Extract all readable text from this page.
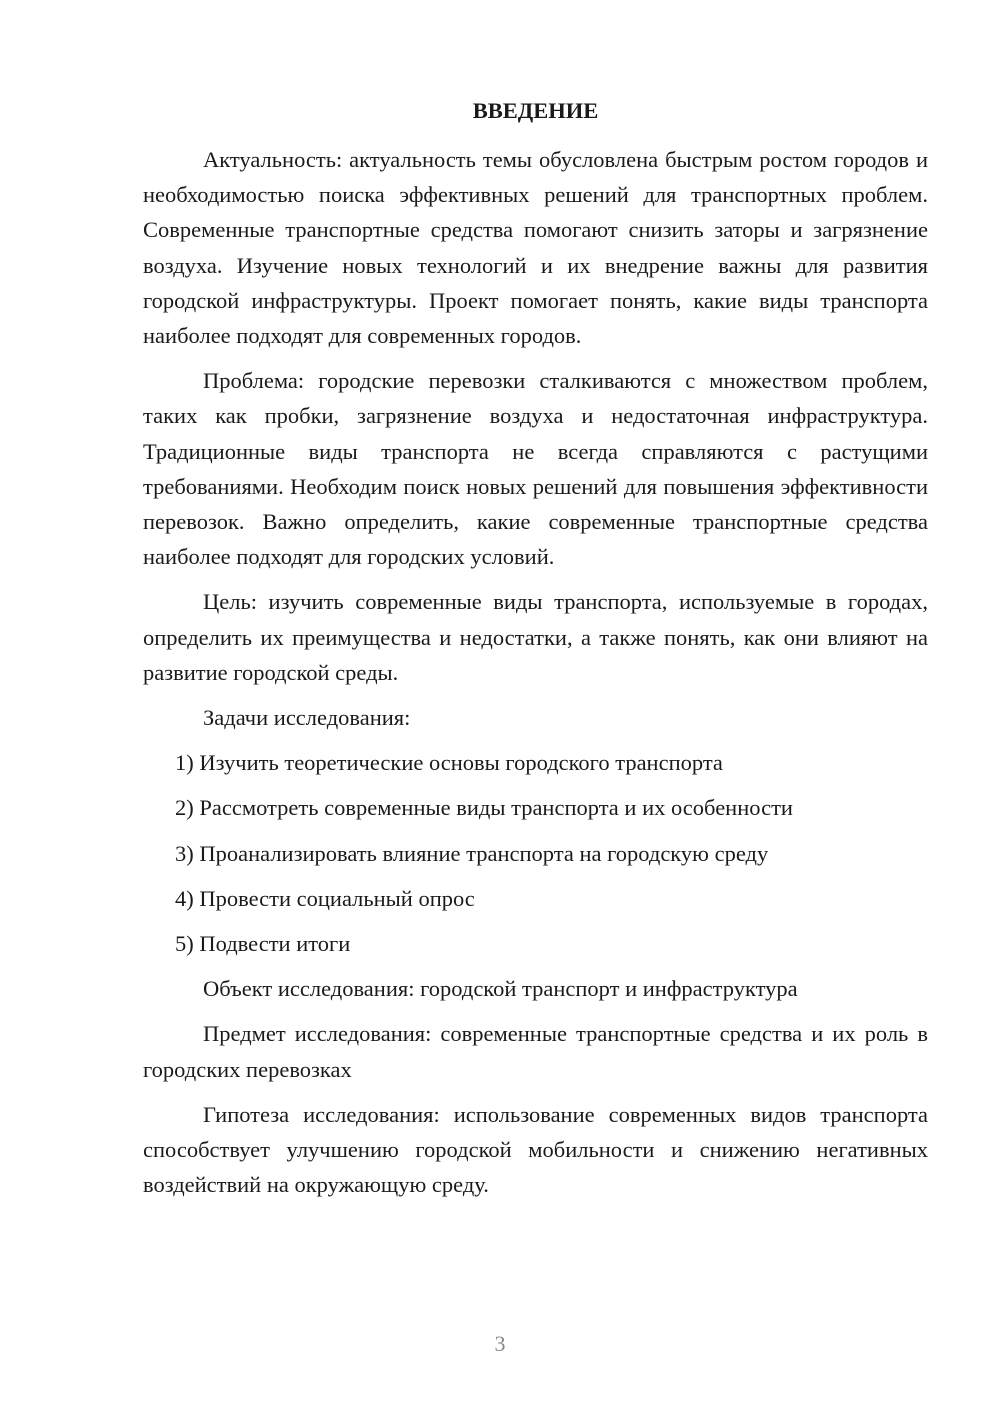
ВВЕДЕНИЕ

Актуальность: актуальность темы обусловлена быстрым ростом городов и необходимостью поиска эффективных решений для транспортных проблем. Современные транспортные средства помогают снизить заторы и загрязнение воздуха. Изучение новых технологий и их внедрение важны для развития городской инфраструктуры. Проект помогает понять, какие виды транспорта наиболее подходят для современных городов.

Проблема: городские перевозки сталкиваются с множеством проблем, таких как пробки, загрязнение воздуха и недостаточная инфраструктура. Традиционные виды транспорта не всегда справляются с растущими требованиями. Необходим поиск новых решений для повышения эффективности перевозок. Важно определить, какие современные транспортные средства наиболее подходят для городских условий.

Цель: изучить современные виды транспорта, используемые в городах, определить их преимущества и недостатки, а также понять, как они влияют на развитие городской среды.

Задачи исследования:
1) Изучить теоретические основы городского транспорта
2) Рассмотреть современные виды транспорта и их особенности
3) Проанализировать влияние транспорта на городскую среду
4) Провести социальный опрос
5) Подвести итоги
Объект исследования: городской транспорт и инфраструктура

Предмет исследования: современные транспортные средства и их роль в городских перевозках

Гипотеза исследования: использование современных видов транспорта способствует улучшению городской мобильности и снижению негативных воздействий на окружающую среду.

3
